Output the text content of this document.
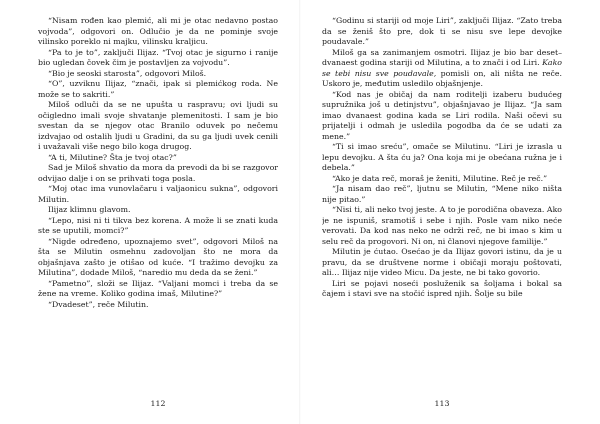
“Nisam rođen kao plemić, ali mi je otac nedavno postao vojvoda”, odgovori on. Odlučio je da ne pominje svoje vilinsko poreklo ni majku, vilinsku kraljicu.

“Pa to je to”, zaključi Ilijaz. “Tvoj otac je sigurno i ranije bio ugledan čovek čim je postavljen za vojvodu”.

“Bio je seoski starosta”, odgovori Miloš.

“O”, uzviknu Ilijaz, “znači, ipak si plemićkog roda. Ne može se to sakriti.”

Miloš odluči da se ne upušta u raspravu; ovi ljudi su očigledno imali svoje shvatanje plemenitosti. I sam je bio svestan da se njegov otac Branilo oduvek po nečemu izdvajao od ostalih ljudi u Gradini, da su ga ljudi uvek cenili i uvažavali više nego bilo koga drugog.

“A ti, Milutine? Šta je tvoj otac?”

Sad je Miloš shvatio da mora da prevodi da bi se razgovor odvijao dalje i on se prihvati toga posla.

“Moj otac ima vunovlačaru i valjaonicu sukna”, odgovori Milutin.

Ilijaz klimnu glavom.

“Lepo, nisi ni ti tikva bez korena. A može li se znati kuda ste se uputili, momci?”

“Nigde određeno, upoznajemo svet”, odgovori Miloš na šta se Milutin osmehnu zadovoljan što ne mora da objašnjava zašto je otišao od kuće. “I tražimo devojku za Milutina”, dodade Miloš, “naredio mu deda da se ženi.”

“Pametno”, složi se Ilijaz. “Valjani momci i treba da se žene na vreme. Koliko godina imaš, Milutine?”

“Dvadeset”, reče Milutin.

112

“Godinu si stariji od moje Liri”, zaključi Ilijaz. “Zato treba da se ženiš što pre, dok ti se nisu sve lepe devojke poudavale.”

Miloš ga sa zanimanjem osmotri. Ilijaz je bio bar deset–dvanaest godina stariji od Milutina, a to znači i od Liri. Kako se tebi nisu sve poudavale, pomisli on, ali ništa ne reče. Uskoro je, međutim usledilo objašnjenje.

“Kod nas je običaj da nam roditelji izaberu budućeg supružnika još u detinjstvu”, objašnjavao je Ilijaz. “Ja sam imao dvanaest godina kada se Liri rodila. Naši očevi su prijatelji i odmah je usledila pogodba da će se udati za mene.”

“Ti si imao sreću”, omače se Milutinu. “Liri je izrasla u lepu devojku. A šta ću ja? Ona koja mi je obećana ružna je i debela.”

“Ako je data reč, moraš je ženiti, Milutine. Reč je reč.”

“Ja nisam dao reč”, ljutnu se Milutin, “Mene niko ništa nije pitao.”

“Nisi ti, ali neko tvoj jeste. A to je porodična obaveza. Ako je ne ispuniš, sramotiš i sebe i njih. Posle vam niko neće verovati. Da kod nas neko ne održi reč, ne bi imao s kim u selu reč da progovori. Ni on, ni članovi njegove familije.”

Milutin je ćutao. Osećao je da Ilijaz govori istinu, da je u pravu, da se društvene norme i običaji moraju poštovati, ali… Ilijaz nije video Micu. Da jeste, ne bi tako govorio.

Liri se pojavi noseći posluženik sa šoljama i bokal sa čajem i stavi sve na stočić ispred njih. Šolje su bile

113
